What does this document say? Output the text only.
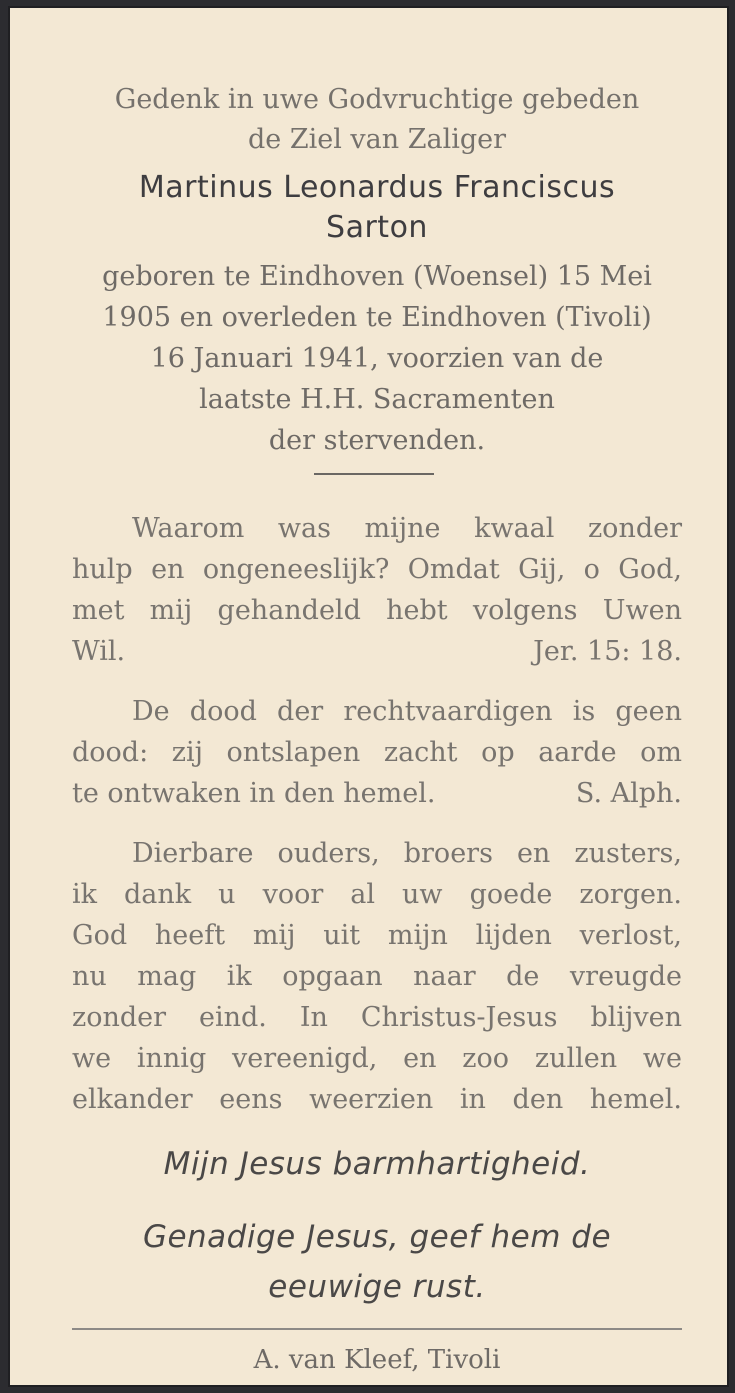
Gedenk in uwe Godvruchtige gebeden
de Ziel van Zaliger
Martinus Leonardus Franciscus
Sarton
geboren te Eindhoven (Woensel) 15 Mei
1905 en overleden te Eindhoven (Tivoli)
16 Januari 1941, voorzien van de
laatste H.H. Sacramenten
der stervenden.
Waarom was mijne kwaal zonder
hulp en ongeneeslijk? Omdat Gij, o God,
met mij gehandeld hebt volgens Uwen
Wil.	Jer. 15: 18.
De dood der rechtvaardigen is geen
dood: zij ontslapen zacht op aarde om
te ontwaken in den hemel.	S. Alph.
Dierbare ouders, broers en zusters,
ik dank u voor al uw goede zorgen.
God heeft mij uit mijn lijden verlost,
nu mag ik opgaan naar de vreugde
zonder eind. In Christus-Jesus blijven
we innig vereenigd, en zoo zullen we
elkander eens weerzien in den hemel.
Mijn Jesus barmhartigheid.
Genadige Jesus, geef hem de
eeuwige rust.
A. van Kleef, Tivoli
